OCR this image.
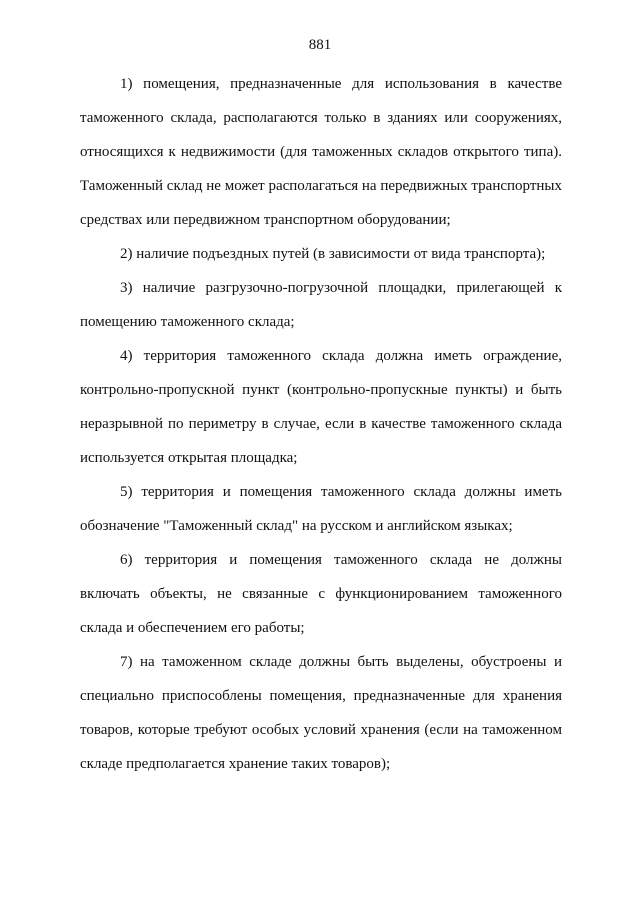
881

1) помещения, предназначенные для использования в качестве таможенного склада, располагаются только в зданиях или сооружениях, относящихся к недвижимости (для таможенных складов открытого типа). Таможенный склад не может располагаться на передвижных транспортных средствах или передвижном транспортном оборудовании;

2) наличие подъездных путей (в зависимости от вида транспорта);

3) наличие разгрузочно-погрузочной площадки, прилегающей к помещению таможенного склада;

4) территория таможенного склада должна иметь ограждение, контрольно-пропускной пункт (контрольно-пропускные пункты) и быть неразрывной по периметру в случае, если в качестве таможенного склада используется открытая площадка;

5) территория и помещения таможенного склада должны иметь обозначение "Таможенный склад" на русском и английском языках;

6) территория и помещения таможенного склада не должны включать объекты, не связанные с функционированием таможенного склада и обеспечением его работы;

7) на таможенном складе должны быть выделены, обустроены и специально приспособлены помещения, предназначенные для хранения товаров, которые требуют особых условий хранения (если на таможенном складе предполагается хранение таких товаров);
